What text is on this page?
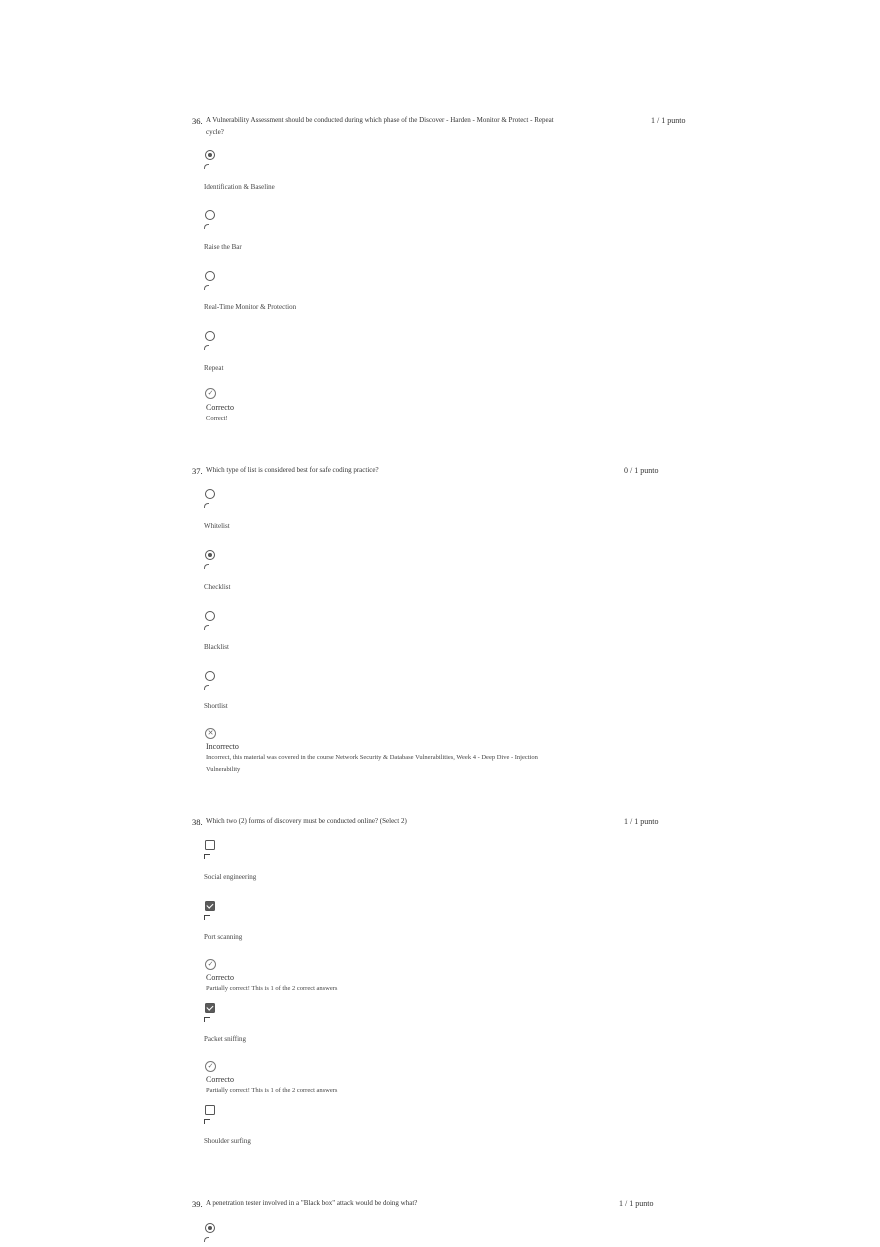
36. A Vulnerability Assessment should be conducted during which phase of the Discover - Harden - Monitor & Protect - Repeat cycle?
1 / 1 punto
Identification & Baseline
Raise the Bar
Real-Time Monitor & Protection
Repeat
✓
Correcto
Correct!
37. Which type of list is considered best for safe coding practice?	0 / 1 punto
Whitelist
Checklist
Blacklist
Shortlist
✕
Incorrecto
Incorrect, this material was covered in the course Network Security & Database Vulnerabilities, Week 4 - Deep Dive - Injection Vulnerability
38. Which two (2) forms of discovery must be conducted online? (Select 2)	1 / 1 punto
Social engineering
Port scanning
✓
Correcto
Partially correct! This is 1 of the 2 correct answers
Packet sniffing
✓
Correcto
Partially correct! This is 1 of the 2 correct answers
Shoulder surfing
39. A penetration tester involved in a "Black box" attack would be doing what?	1 / 1 punto
